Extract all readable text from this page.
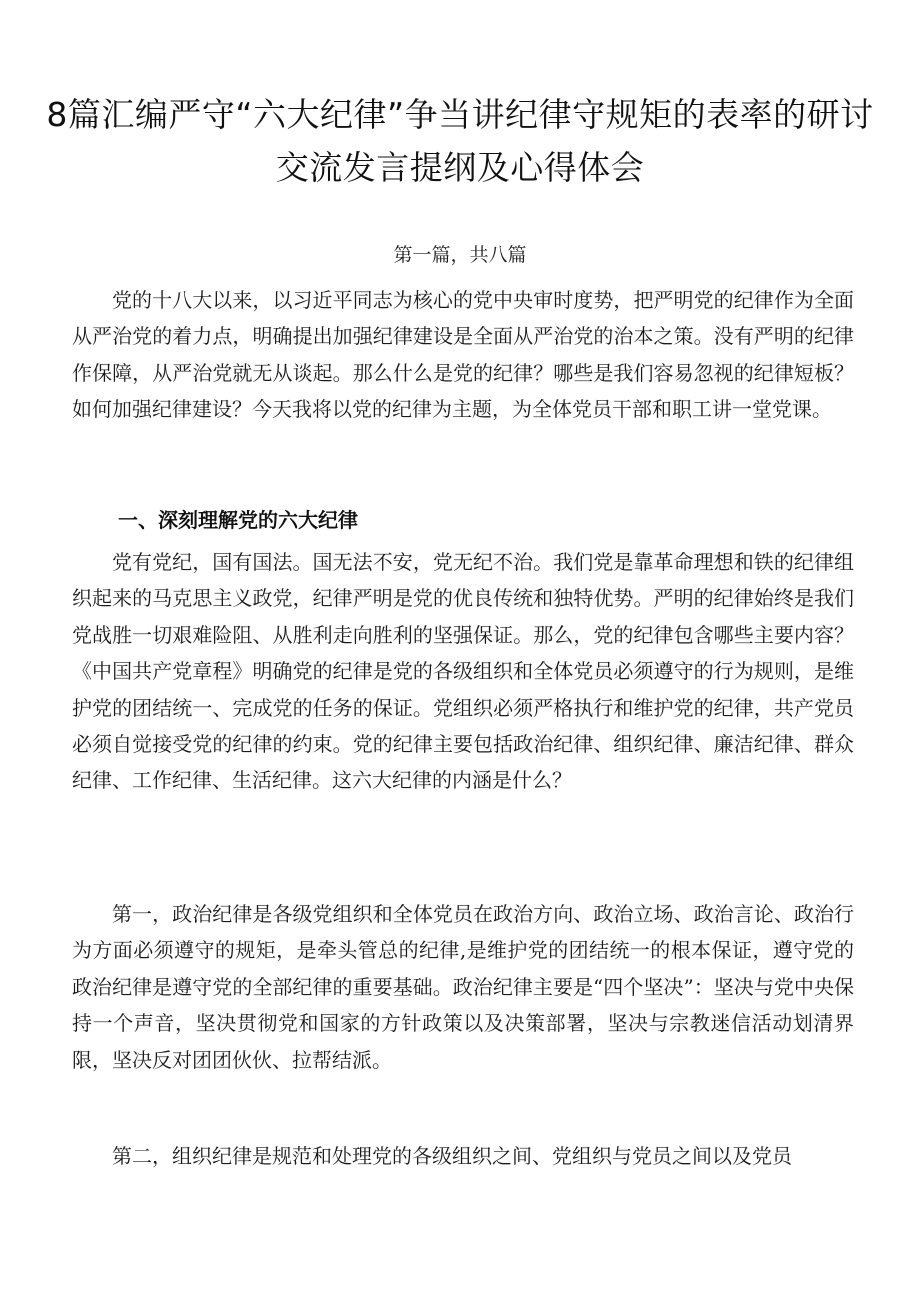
8篇汇编严守“六大纪律”争当讲纪律守规矩的表率的研讨交流发言提纲及心得体会
第一篇，共八篇

党的十八大以来，以习近平同志为核心的党中央审时度势，把严明党的纪律作为全面从严治党的着力点，明确提出加强纪律建设是全面从严治党的治本之策。没有严明的纪律作保障，从严治党就无从谈起。那么什么是党的纪律？哪些是我们容易忽视的纪律短板？如何加强纪律建设？今天我将以党的纪律为主题，为全体党员干部和职工讲一堂党课。

一、深刻理解党的六大纪律

党有党纪，国有国法。国无法不安，党无纪不治。我们党是靠革命理想和铁的纪律组织起来的马克思主义政党，纪律严明是党的优良传统和独特优势。严明的纪律始终是我们党战胜一切艰难险阻、从胜利走向胜利的坚强保证。那么，党的纪律包含哪些主要内容？《中国共产党章程》明确党的纪律是党的各级组织和全体党员必须遵守的行为规则，是维护党的团结统一、完成党的任务的保证。党组织必须严格执行和维护党的纪律，共产党员必须自觉接受党的纪律的约束。党的纪律主要包括政治纪律、组织纪律、廉洁纪律、群众纪律、工作纪律、生活纪律。这六大纪律的内涵是什么？

第一，政治纪律是各级党组织和全体党员在政治方向、政治立场、政治言论、政治行为方面必须遵守的规矩，是牵头管总的纪律,是维护党的团结统一的根本保证，遵守党的政治纪律是遵守党的全部纪律的重要基础。政治纪律主要是“四个坚决”：坚决与党中央保持一个声音，坚决贯彻党和国家的方针政策以及决策部署，坚决与宗教迷信活动划清界限，坚决反对团团伙伙、拉帮结派。

第二，组织纪律是规范和处理党的各级组织之间、党组织与党员之间以及党员
